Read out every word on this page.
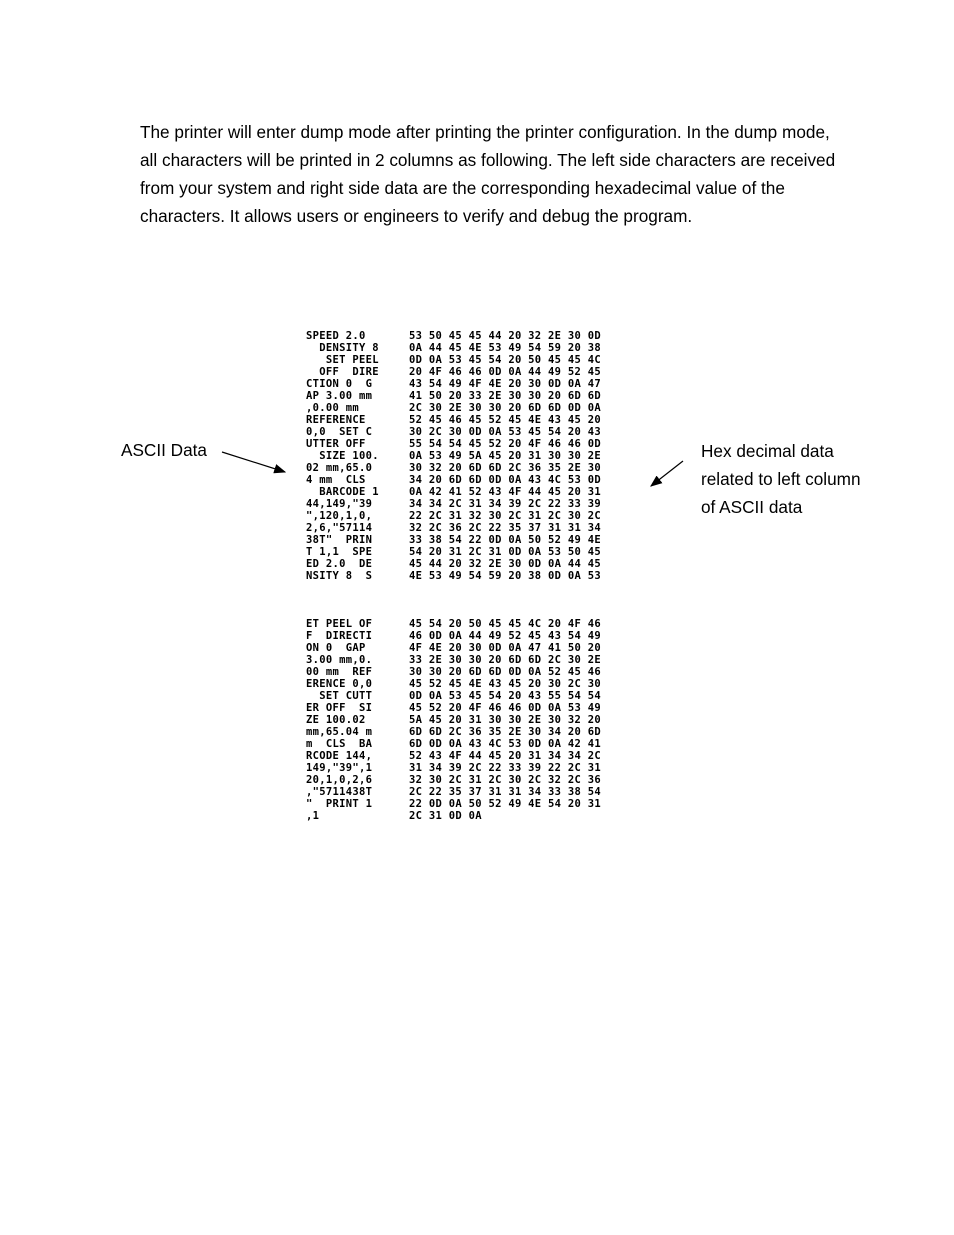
The printer will enter dump mode after printing the printer configuration. In the dump mode, all characters will be printed in 2 columns as following. The left side characters are received from your system and right side data are the corresponding hexadecimal value of the characters. It allows users or engineers to verify and debug the program.

SPEED 2.0
DENSITY 8
SET PEEL
OFF  DIRE
CTION 0  G
AP 3.00 mm
,0.00 mm
REFERENCE
0,0  SET C
UTTER OFF
SIZE 100.
02 mm,65.0
4 mm  CLS
BARCODE 1
44,149,"39
",120,1,0,
2,6,"57114
38T"  PRIN
T 1,1  SPE
ED 2.0  DE
NSITY 8  S
53 50 45 45 44 20 32 2E 30 0D
0A 44 45 4E 53 49 54 59 20 38
0D 0A 53 45 54 20 50 45 45 4C
20 4F 46 46 0D 0A 44 49 52 45
43 54 49 4F 4E 20 30 0D 0A 47
41 50 20 33 2E 30 30 20 6D 6D
2C 30 2E 30 30 20 6D 6D 0D 0A
52 45 46 45 52 45 4E 43 45 20
30 2C 30 0D 0A 53 45 54 20 43
55 54 54 45 52 20 4F 46 46 0D
0A 53 49 5A 45 20 31 30 30 2E
30 32 20 6D 6D 2C 36 35 2E 30
34 20 6D 6D 0D 0A 43 4C 53 0D
0A 42 41 52 43 4F 44 45 20 31
34 34 2C 31 34 39 2C 22 33 39
22 2C 31 32 30 2C 31 2C 30 2C
32 2C 36 2C 22 35 37 31 31 34
33 38 54 22 0D 0A 50 52 49 4E
54 20 31 2C 31 0D 0A 53 50 45
45 44 20 32 2E 30 0D 0A 44 45
4E 53 49 54 59 20 38 0D 0A 53

ET PEEL OF
F  DIRECTI
ON 0  GAP
3.00 mm,0.
00 mm  REF
ERENCE 0,0
SET CUTT
ER OFF  SI
ZE 100.02
mm,65.04 m
m  CLS  BA
RCODE 144,
149,"39",1
20,1,0,2,6
,"5711438T
"  PRINT 1
,1
45 54 20 50 45 45 4C 20 4F 46
46 0D 0A 44 49 52 45 43 54 49
4F 4E 20 30 0D 0A 47 41 50 20
33 2E 30 30 20 6D 6D 2C 30 2E
30 30 20 6D 6D 0D 0A 52 45 46
45 52 45 4E 43 45 20 30 2C 30
0D 0A 53 45 54 20 43 55 54 54
45 52 20 4F 46 46 0D 0A 53 49
5A 45 20 31 30 30 2E 30 32 20
6D 6D 2C 36 35 2E 30 34 20 6D
6D 0D 0A 43 4C 53 0D 0A 42 41
52 43 4F 44 45 20 31 34 34 2C
31 34 39 2C 22 33 39 22 2C 31
32 30 2C 31 2C 30 2C 32 2C 36
2C 22 35 37 31 31 34 33 38 54
22 0D 0A 50 52 49 4E 54 20 31
2C 31 0D 0A

ASCII Data	Hex decimal data related to left column of ASCII data
